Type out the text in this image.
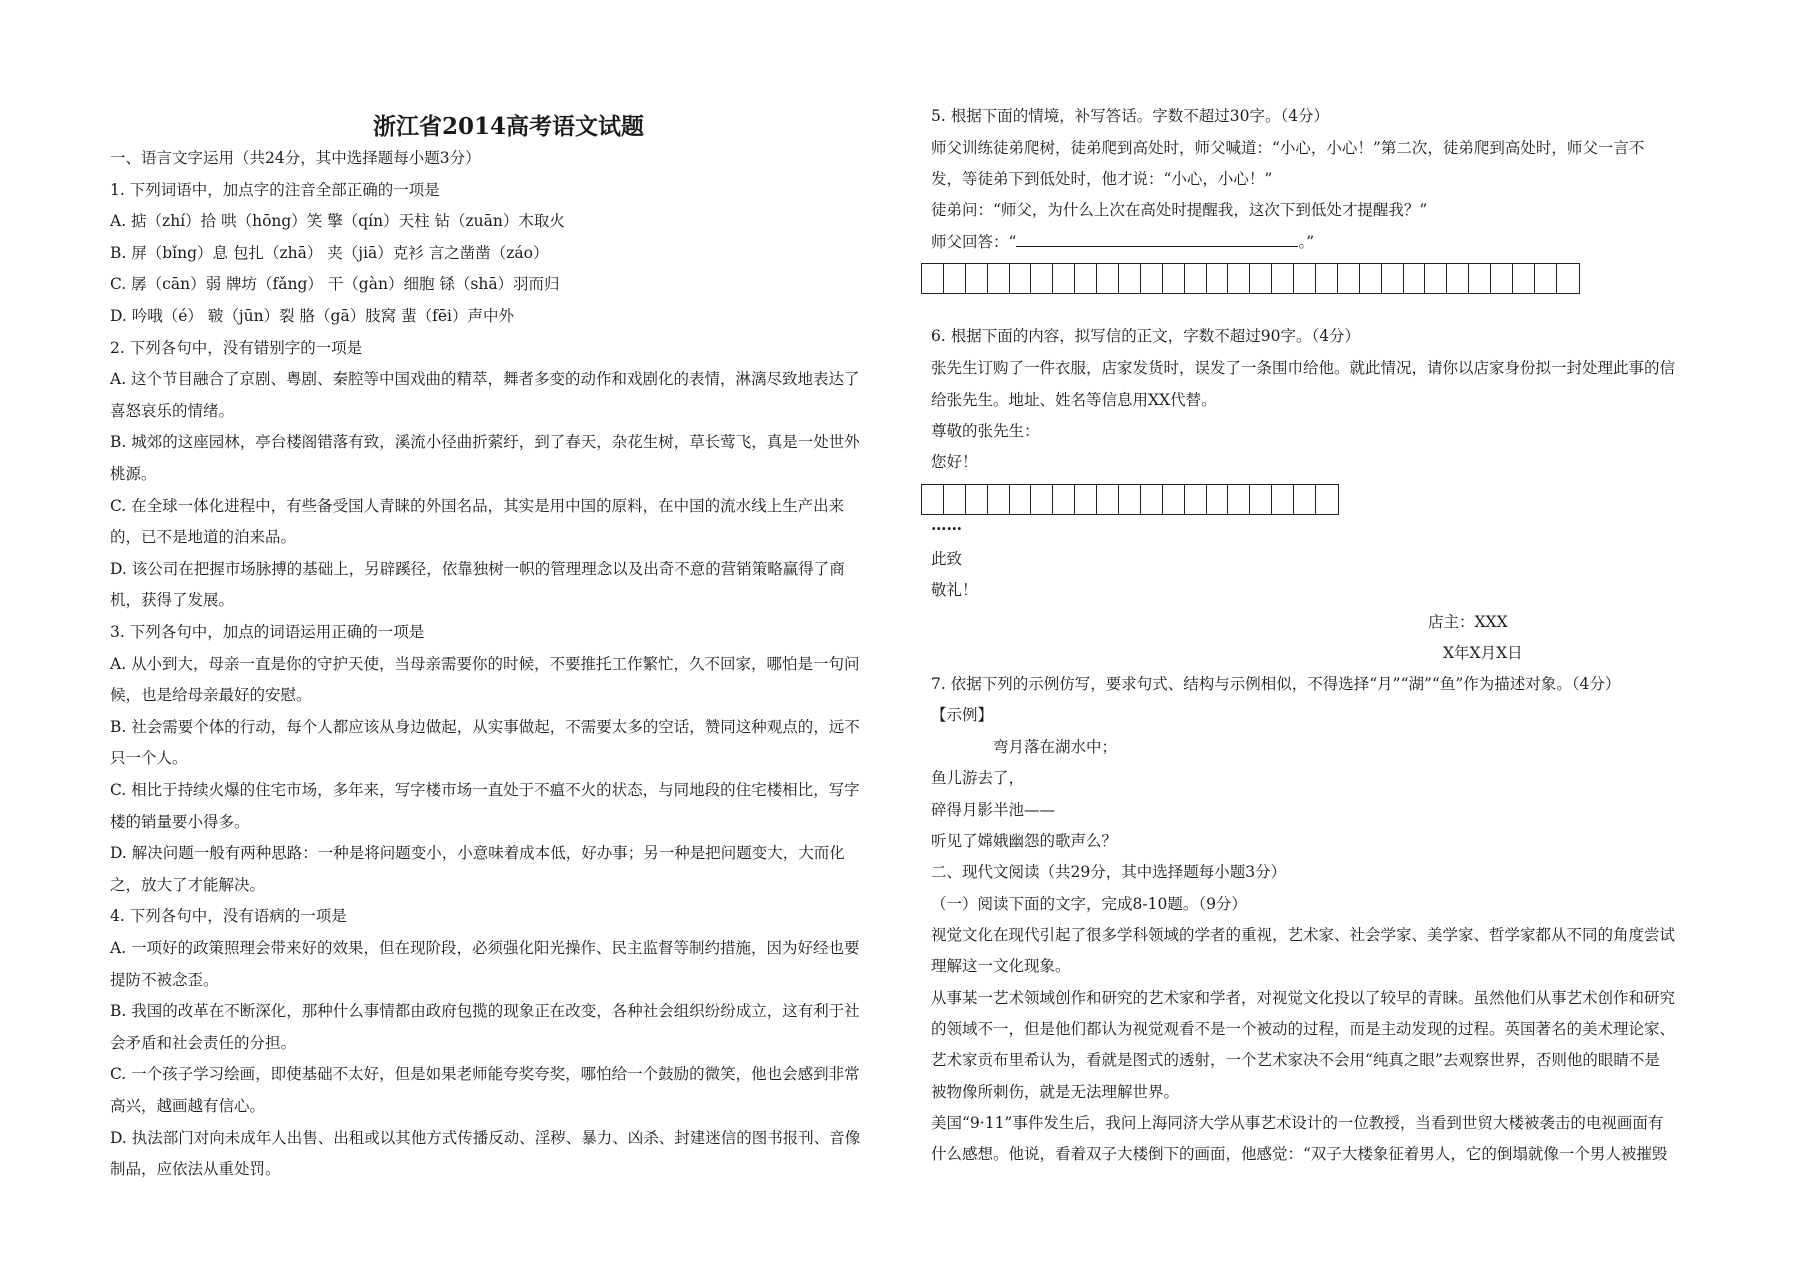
浙江省2014高考语文试题
一、语言文字运用（共24分，其中选择题每小题3分）
1. 下列词语中，加点字的注音全部正确的一项是
A. 掂（zhí）拾 哄（hōng）笑 擎（qín）天柱 钻（zuān）木取火
B. 屏（bǐng）息 包扎（zhā） 夹（jiā）克衫 言之凿凿（záo）
C. 孱（cān）弱 牌坊（fǎng） 干（gàn）细胞 铩（shā）羽而归
D. 吟哦（é） 皲（jūn）裂 胳（gā）肢窝 蜚（fēi）声中外
2. 下列各句中，没有错别字的一项是
A. 这个节目融合了京剧、粤剧、秦腔等中国戏曲的精萃，舞者多变的动作和戏剧化的表情，淋漓尽致地表达了
喜怒哀乐的情绪。
B. 城郊的这座园林，亭台楼阁错落有致，溪流小径曲折萦纡，到了春天，杂花生树，草长莺飞，真是一处世外
桃源。
C. 在全球一体化进程中，有些备受国人青睐的外国名品，其实是用中国的原料，在中国的流水线上生产出来
的，已不是地道的泊来品。
D. 该公司在把握市场脉搏的基础上，另辟蹊径，依靠独树一帜的管理理念以及出奇不意的营销策略赢得了商
机，获得了发展。
3. 下列各句中，加点的词语运用正确的一项是
A. 从小到大，母亲一直是你的守护天使，当母亲需要你的时候，不要推托工作繁忙，久不回家，哪怕是一句问
候，也是给母亲最好的安慰。
B. 社会需要个体的行动，每个人都应该从身边做起，从实事做起，不需要太多的空话，赞同这种观点的，远不
只一个人。
C. 相比于持续火爆的住宅市场，多年来，写字楼市场一直处于不瘟不火的状态，与同地段的住宅楼相比，写字
楼的销量要小得多。
D. 解决问题一般有两种思路：一种是将问题变小，小意味着成本低，好办事；另一种是把问题变大，大而化
之，放大了才能解决。
4. 下列各句中，没有语病的一项是
A. 一项好的政策照理会带来好的效果，但在现阶段，必须强化阳光操作、民主监督等制约措施，因为好经也要
提防不被念歪。
B. 我国的改革在不断深化，那种什么事情都由政府包揽的现象正在改变，各种社会组织纷纷成立，这有利于社
会矛盾和社会责任的分担。
C. 一个孩子学习绘画，即使基础不太好，但是如果老师能夸奖夸奖，哪怕给一个鼓励的微笑，他也会感到非常
高兴，越画越有信心。
D. 执法部门对向未成年人出售、出租或以其他方式传播反动、淫秽、暴力、凶杀、封建迷信的图书报刊、音像
制品，应依法从重处罚。
5. 根据下面的情境，补写答话。字数不超过30字。（4分）
师父训练徒弟爬树，徒弟爬到高处时，师父喊道：“小心，小心！”第二次，徒弟爬到高处时，师父一言不
发，等徒弟下到低处时，他才说：“小心，小心！”
徒弟问：“师父，为什么上次在高处时提醒我，这次下到低处才提醒我？”
师父回答：“	。”
6. 根据下面的内容，拟写信的正文，字数不超过90字。（4分）
张先生订购了一件衣服，店家发货时，误发了一条围巾给他。就此情况，请你以店家身份拟一封处理此事的信
给张先生。地址、姓名等信息用XX代替。
尊敬的张先生：
您好！
……
此致
敬礼！
店主：XXX
X年X月X日
7. 依据下列的示例仿写，要求句式、结构与示例相似，不得选择“月”“湖”“鱼”作为描述对象。（4分）
【示例】
弯月落在湖水中；
鱼儿游去了，
碎得月影半池——
听见了嫦娥幽怨的歌声么？
二、现代文阅读（共29分，其中选择题每小题3分）
（一）阅读下面的文字，完成8-10题。（9分）
视觉文化在现代引起了很多学科领域的学者的重视，艺术家、社会学家、美学家、哲学家都从不同的角度尝试
理解这一文化现象。
从事某一艺术领域创作和研究的艺术家和学者，对视觉文化投以了较早的青睐。虽然他们从事艺术创作和研究
的领域不一，但是他们都认为视觉观看不是一个被动的过程，而是主动发现的过程。英国著名的美术理论家、
艺术家贡布里希认为，看就是图式的透射，一个艺术家决不会用“纯真之眼”去观察世界，否则他的眼睛不是
被物像所刺伤，就是无法理解世界。
美国“9·11”事件发生后，我问上海同济大学从事艺术设计的一位教授，当看到世贸大楼被袭击的电视画面有
什么感想。他说，看着双子大楼倒下的画面，他感觉：“双子大楼象征着男人，它的倒塌就像一个男人被摧毁
